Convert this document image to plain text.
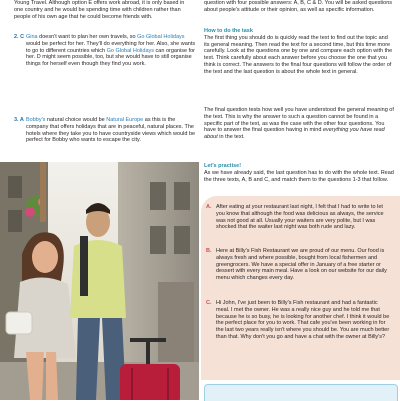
Young Travel. Although option E offers work abroad, it is only based in one country and he would be spending time with children rather than people of his own age that he could become friends with.

2. C Gina doesn't want to plan her own travels, so Go Global Holidays would be perfect for her. They'll do everything for her. Also, she wants to go to different countries which Go Global Holidays can organise for her. D might seem possible, too, but she would have to still organise things for herself even though they find you work.

3. A Bobby's natural choice would be Natural Europe as this is the company that offers holidays that are in peaceful, natural places. The hotels where they take you to have countryside views which would be perfect for Bobby who wants to escape the city.

question with four possible answers: A, B, C & D. You will be asked questions about people's attitude or their opinion, as well as specific information.

How to do the task

The first thing you should do is quickly read the text to find out the topic and its general meaning. Then read the text for a second time, but this time more carefully. Look at the questions one by one and compare each option with the text. Think carefully about each answer before you choose the one that you think is correct. The answers to the final four questions will follow the order of the text and the last question is about the whole text in general.

The final question tests how well you have understood the general meaning of the text. This is why the answer to such a question cannot be found in a specific part of the text, as was the case with the other four questions. You have to answer the final question having in mind everything you have read about in the text.

Let's practise!

As we have already said, the last question has to do with the whole text. Read the three texts, A, B and C, and match them to the questions 1-3 that follow.

A. After eating at your restaurant last night, I felt that I had to write to let you know that although the food was delicious as always, the service was not good at all. Usually your waiters are very polite, but I was shocked that the waiter last night was both rude and lazy.

B. Here at Billy's Fish Restaurant we are proud of our menu. Our food is always fresh and where possible, bought from local fishermen and greengrocers. We have a special offer in January of a free starter or dessert with every main meal. Have a look on our website for our daily menu which changes every day.

C. Hi John, I've just been to Billy's Fish restaurant and had a fantastic meal. I met the owner. He was a really nice guy and he told me that because he is so busy, he is looking for another chef. I think it would be the perfect place for you to work. That cafe you've been working in for the last two years really isn't where you should be. You are much better than that. Why don't you go and have a chat with the owner at Billy's?
